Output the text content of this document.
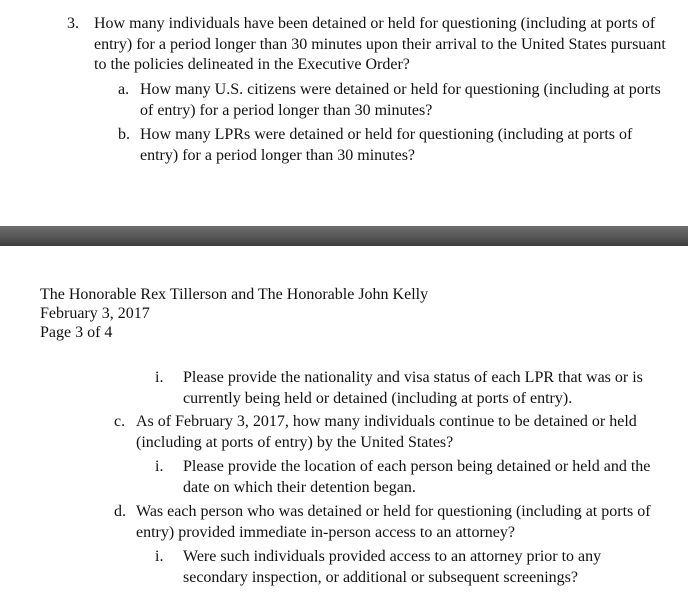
3. How many individuals have been detained or held for questioning (including at ports of entry) for a period longer than 30 minutes upon their arrival to the United States pursuant to the policies delineated in the Executive Order?
a. How many U.S. citizens were detained or held for questioning (including at ports of entry) for a period longer than 30 minutes?
b. How many LPRs were detained or held for questioning (including at ports of entry) for a period longer than 30 minutes?
The Honorable Rex Tillerson and The Honorable John Kelly
February 3, 2017
Page 3 of 4
i. Please provide the nationality and visa status of each LPR that was or is currently being held or detained (including at ports of entry).
c. As of February 3, 2017, how many individuals continue to be detained or held (including at ports of entry) by the United States?
i. Please provide the location of each person being detained or held and the date on which their detention began.
d. Was each person who was detained or held for questioning (including at ports of entry) provided immediate in-person access to an attorney?
i. Were such individuals provided access to an attorney prior to any secondary inspection, or additional or subsequent screenings?
